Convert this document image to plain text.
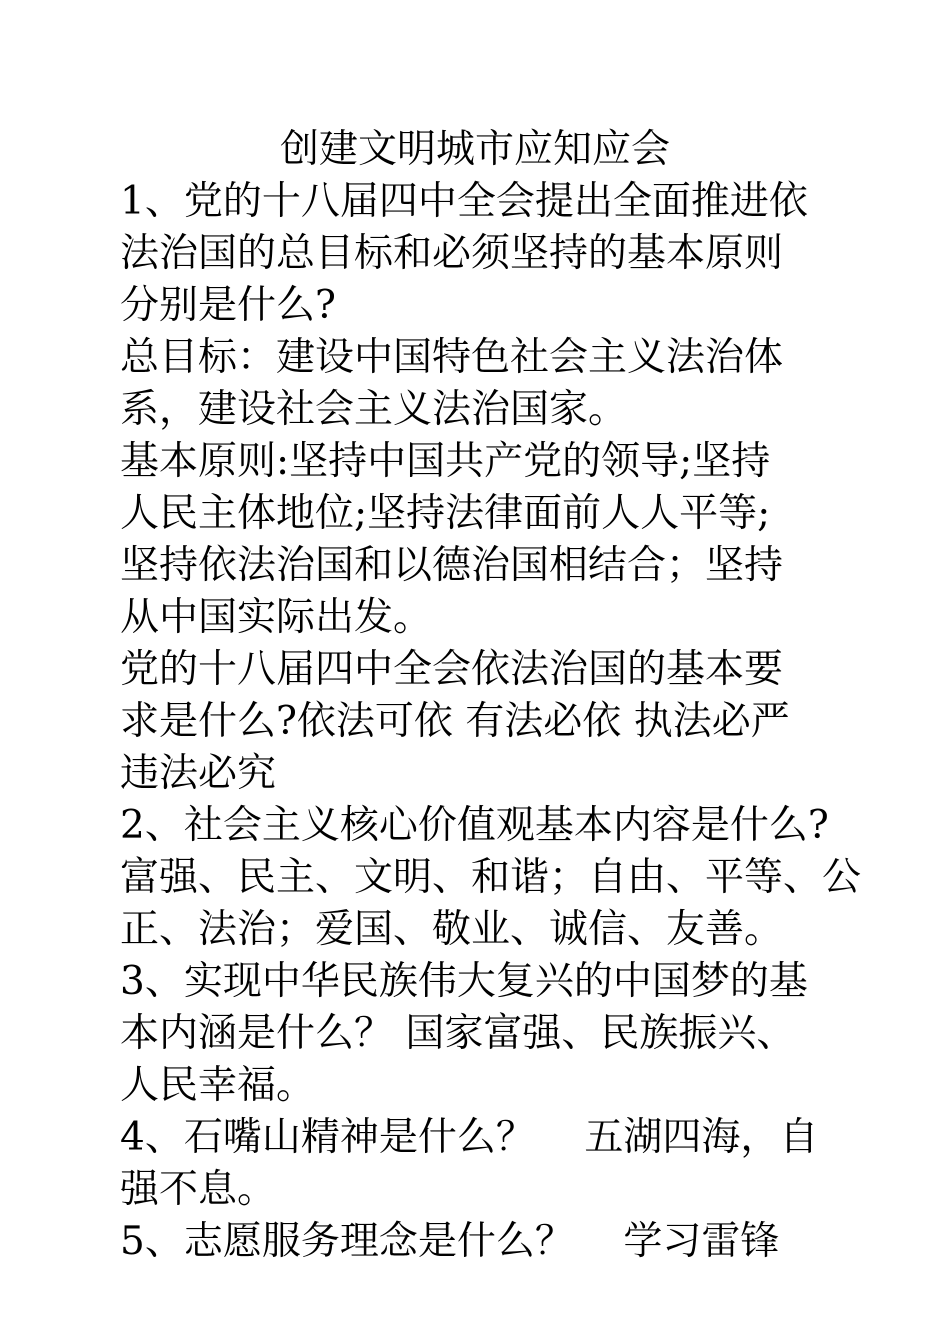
创建文明城市应知应会
1、党的十八届四中全会提出全面推进依
法治国的总目标和必须坚持的基本原则
分别是什么?
总目标：建设中国特色社会主义法治体
系，建设社会主义法治国家。
基本原则:坚持中国共产党的领导;坚持
人民主体地位;坚持法律面前人人平等;
坚持依法治国和以德治国相结合；坚持
从中国实际出发。
党的十八届四中全会依法治国的基本要
求是什么?依法可依 有法必依 执法必严
违法必究
2、社会主义核心价值观基本内容是什么?
富强、民主、文明、和谐；自由、平等、公
正、法治；爱国、敬业、诚信、友善。
3、实现中华民族伟大复兴的中国梦的基
本内涵是什么？ 国家富强、民族振兴、
人民幸福。
4、石嘴山精神是什么？    五湖四海，自
强不息。
5、志愿服务理念是什么？    学习雷锋
